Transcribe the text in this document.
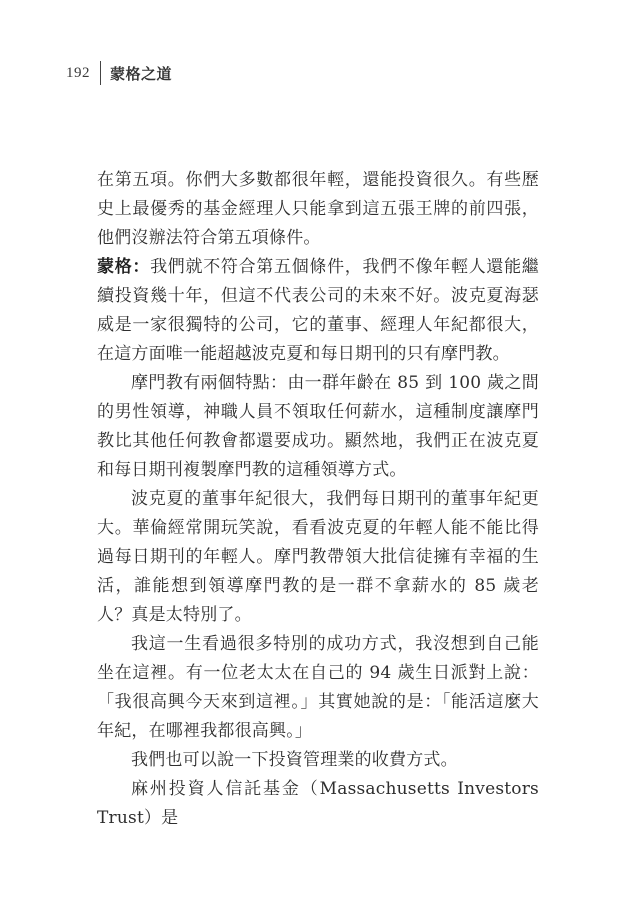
192 蒙格之道

在第五項。你們大多數都很年輕，還能投資很久。有些歷史上最優秀的基金經理人只能拿到這五張王牌的前四張，他們沒辦法符合第五項條件。

蒙格：我們就不符合第五個條件，我們不像年輕人還能繼續投資幾十年，但這不代表公司的未來不好。波克夏海瑟威是一家很獨特的公司，它的董事、經理人年紀都很大，在這方面唯一能超越波克夏和每日期刊的只有摩門教。

摩門教有兩個特點：由一群年齡在 85 到 100 歲之間的男性領導，神職人員不領取任何薪水，這種制度讓摩門教比其他任何教會都還要成功。顯然地，我們正在波克夏和每日期刊複製摩門教的這種領導方式。

波克夏的董事年紀很大，我們每日期刊的董事年紀更大。華倫經常開玩笑說，看看波克夏的年輕人能不能比得過每日期刊的年輕人。摩門教帶領大批信徒擁有幸福的生活，誰能想到領導摩門教的是一群不拿薪水的 85 歲老人？真是太特別了。

我這一生看過很多特別的成功方式，我沒想到自己能坐在這裡。有一位老太太在自己的 94 歲生日派對上說：「我很高興今天來到這裡。」其實她說的是：「能活這麼大年紀，在哪裡我都很高興。」

我們也可以說一下投資管理業的收費方式。

麻州投資人信託基金（Massachusetts Investors Trust）是
